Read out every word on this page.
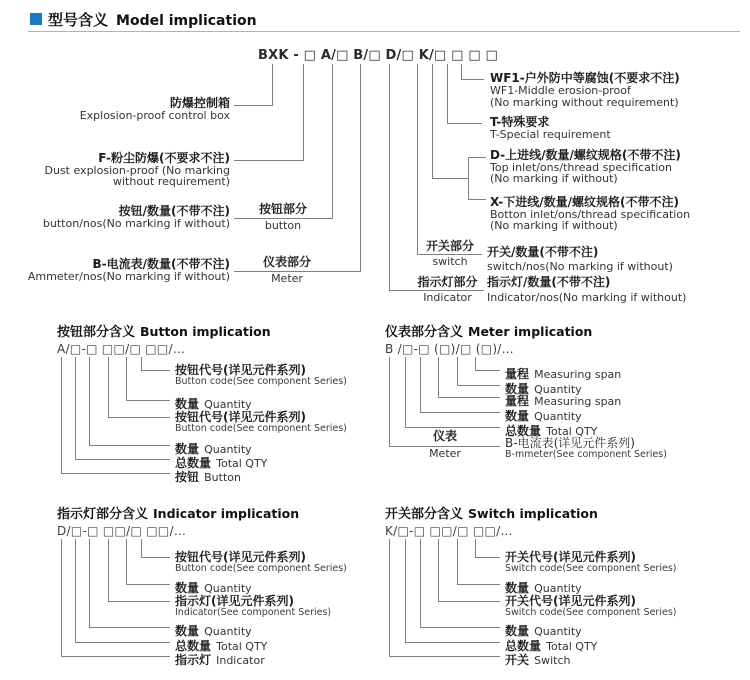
型号含义 Model implication
BXK - □ A/□ B/□ D/□ K/□ □ □ □
防爆控制箱
Explosion-proof control box
F-粉尘防爆(不要求不注)
Dust explosion-proof (No marking
without requirement)
按钮/数量(不带不注)
button/nos(No marking if without)
B-电流表/数量(不带不注)
Ammeter/nos(No marking if without)
按钮部分
button
仪表部分
Meter
开关部分
switch
指示灯部分
Indicator
WF1-户外防中等腐蚀(不要求不注)
WF1-Middle erosion-proof
(No marking without requirement)
T-特殊要求
T-Special requirement
D-上进线/数量/螺纹规格(不带不注)
Top inlet/ons/thread specification
(No marking if without)
X-下进线/数量/螺纹规格(不带不注)
Botton inlet/ons/thread specification
(No marking if without)
开关/数量(不带不注)
switch/nos(No marking if without)
指示灯/数量(不带不注)
Indicator/nos(No marking if without)
按钮部分含义 Button implication
A/□-□ □□/□ □□/…
按钮代号(详见元件系列)
Button code(See component Series)
数量 Quantity
按钮代号(详见元件系列)
Button code(See component Series)
数量 Quantity
总数量 Total QTY
按钮 Button
仪表部分含义 Meter implication
B /□-□ (□)/□ (□)/…
量程 Measuring span
数量 Quantity
量程 Measuring span
数量 Quantity
总数量 Total QTY
仪表
Meter
B-电流表(详见元件系列)
B-mmeter(See component Series)
指示灯部分含义 Indicator implication
D/□-□ □□/□ □□/…
按钮代号(详见元件系列)
Button code(See component Series)
数量 Quantity
指示灯(详见元件系列)
Indicator(See component Series)
数量 Quantity
总数量 Total QTY
指示灯 Indicator
开关部分含义 Switch implication
K/□-□ □□/□ □□/…
开关代号(详见元件系列)
Switch code(See component Series)
数量 Quantity
开关代号(详见元件系列)
Switch code(See component Series)
数量 Quantity
总数量 Total QTY
开关 Switch
